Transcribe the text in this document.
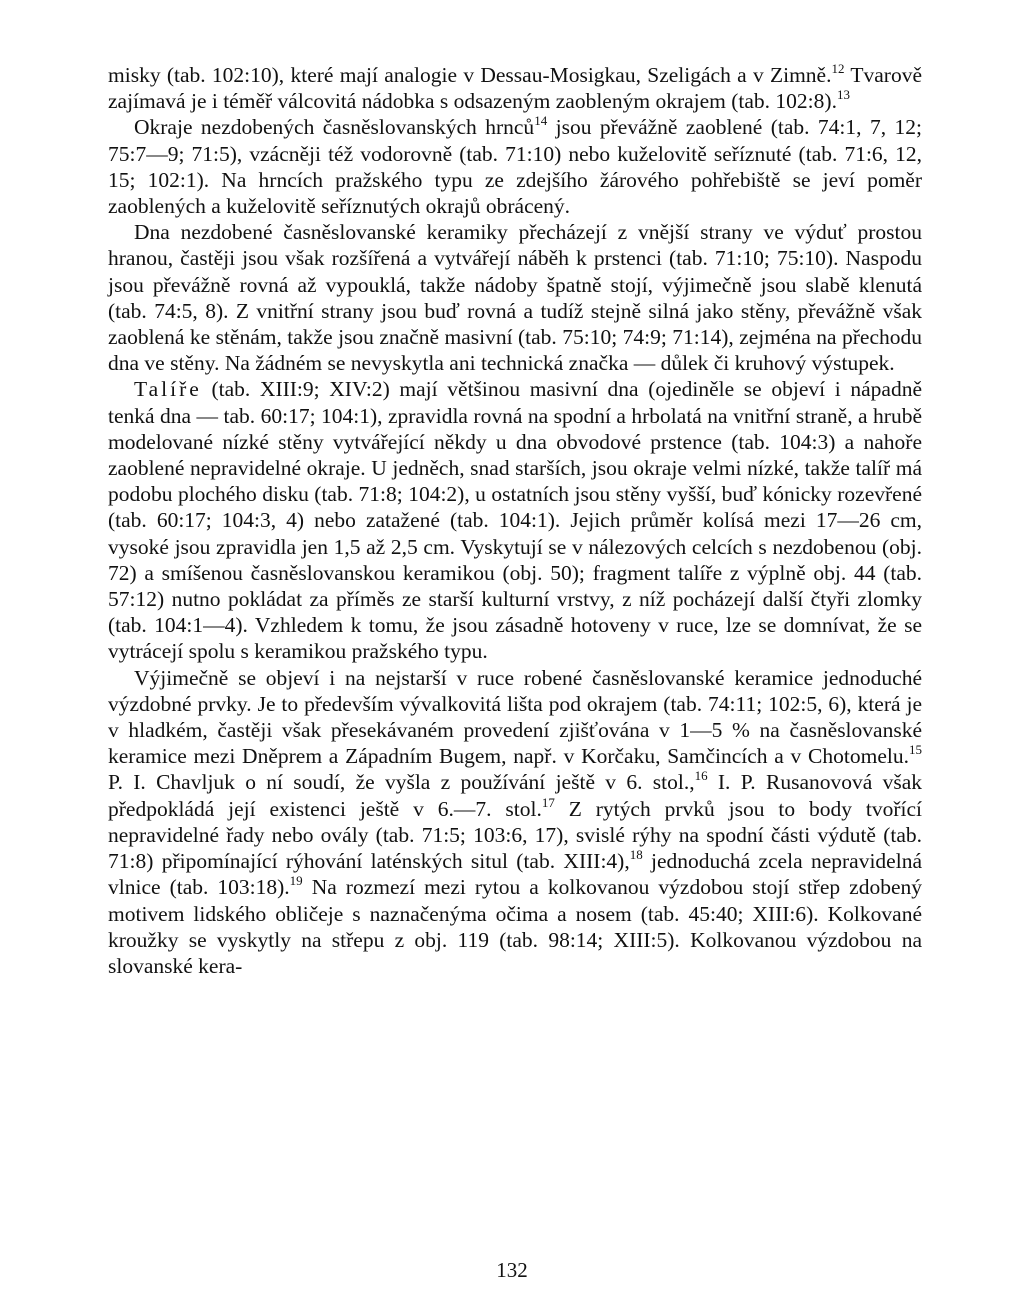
misky (tab. 102:10), které mají analogie v Dessau-Mosigkau, Szeligách a v Zimně.$^{12}$ Tvarově zajímavá je i téměř válcovitá nádobka s odsazeným zaobleným okrajem (tab. 102:8).$^{13}$

Okraje nezdobených časněslovanských hrnců$^{14}$ jsou převážně zaoblené (tab. 74:1, 7, 12; 75:7—9; 71:5), vzácněji též vodorovně (tab. 71:10) nebo kuželovitě seříznuté (tab. 71:6, 12, 15; 102:1). Na hrncích pražského typu ze zdejšího žárového pohřebiště se jeví poměr zaoblených a kuželovitě seříznutých okrajů obrácený.

Dna nezdobené časněslovanské keramiky přecházejí z vnější strany ve výduť prostou hranou, častěji jsou však rozšířená a vytvářejí náběh k prstenci (tab. 71:10; 75:10). Naspodu jsou převážně rovná až vypouklá, takže nádoby špatně stojí, výjimečně jsou slabě klenutá (tab. 74:5, 8). Z vnitřní strany jsou buď rovná a tudíž stejně silná jako stěny, převážně však zaoblená ke stěnám, takže jsou značně masivní (tab. 75:10; 74:9; 71:14), zejména na přechodu dna ve stěny. Na žádném se nevyskytla ani technická značka — důlek či kruhový výstupek.

Talíře (tab. XIII:9; XIV:2) mají většinou masivní dna (ojediněle se objeví i nápadně tenká dna — tab. 60:17; 104:1), zpravidla rovná na spodní a hrbolatá na vnitřní straně, a hrubě modelované nízké stěny vytvářející někdy u dna obvodové prstence (tab. 104:3) a nahoře zaoblené nepravidelné okraje. U jedněch, snad starších, jsou okraje velmi nízké, takže talíř má podobu plochého disku (tab. 71:8; 104:2), u ostatních jsou stěny vyšší, buď kónicky rozevřené (tab. 60:17; 104:3, 4) nebo zatažené (tab. 104:1). Jejich průměr kolísá mezi 17—26 cm, vysoké jsou zpravidla jen 1,5 až 2,5 cm. Vyskytují se v nálezových celcích s nezdobenou (obj. 72) a smíšenou časněslovanskou keramikou (obj. 50); fragment talíře z výplně obj. 44 (tab. 57:12) nutno pokládat za příměs ze starší kulturní vrstvy, z níž pocházejí další čtyři zlomky (tab. 104:1—4). Vzhledem k tomu, že jsou zásadně hotoveny v ruce, lze se domnívat, že se vytrácejí spolu s keramikou pražského typu.

Výjimečně se objeví i na nejstarší v ruce robené časněslovanské keramice jednoduché výzdobné prvky. Je to především vývalkovitá lišta pod okrajem (tab. 74:11; 102:5, 6), která je v hladkém, častěji však přesekávaném provedení zjišťována v 1—5 % na časněslovanské keramice mezi Dněprem a Západním Bugem, např. v Korčaku, Samčincích a v Chotomelu.$^{15}$ P. I. Chavljuk o ní soudí, že vyšla z používání ještě v 6. stol.,$^{16}$ I. P. Rusanovová však předpokládá její existenci ještě v 6.—7. stol.$^{17}$ Z rytých prvků jsou to body tvořící nepravidelné řady nebo ovály (tab. 71:5; 103:6, 17), svislé rýhy na spodní části výdutě (tab. 71:8) připomínající rýhování laténských situl (tab. XIII:4),$^{18}$ jednoduchá zcela nepravidelná vlnice (tab. 103:18).$^{19}$ Na rozmezí mezi rytou a kolkovanou výzdobou stojí střep zdobený motivem lidského obličeje s naznačenýma očima a nosem (tab. 45:40; XIII:6). Kolkované kroužky se vyskytly na střepu z obj. 119 (tab. 98:14; XIII:5). Kolkovanou výzdobou na slovanské kera-

132
